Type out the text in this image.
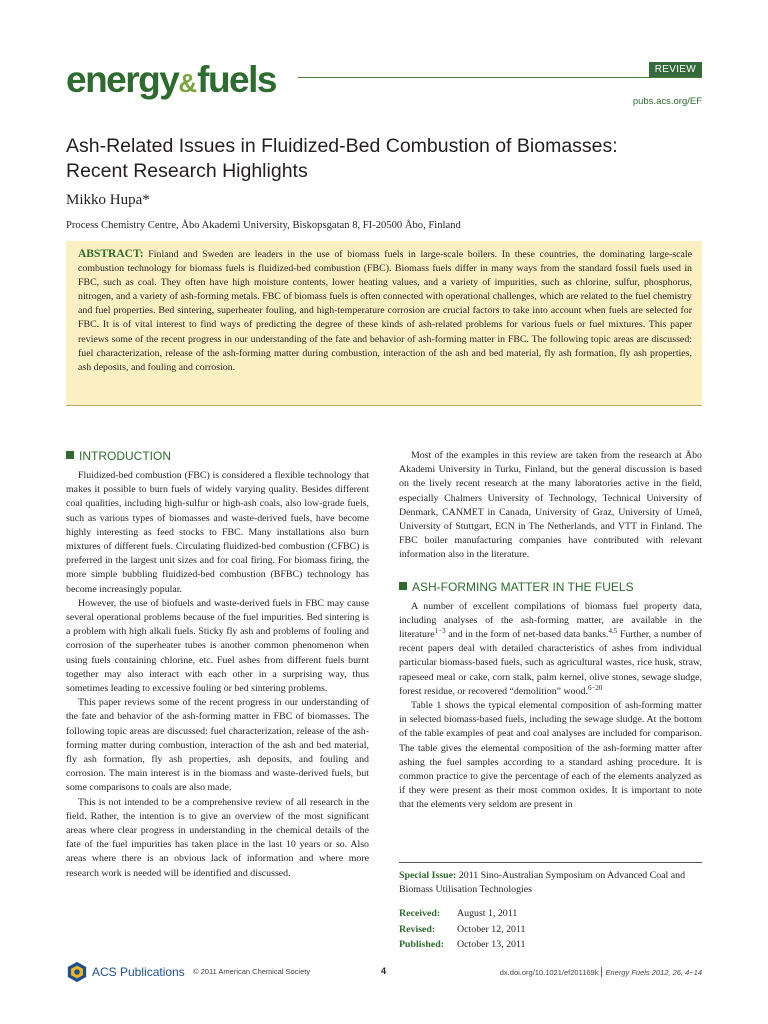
energy&fuels	REVIEW
pubs.acs.org/EF
Ash-Related Issues in Fluidized-Bed Combustion of Biomasses:
Recent Research Highlights
Mikko Hupa*
Process Chemistry Centre, Åbo Akademi University, Biskopsgatan 8, FI-20500 Åbo, Finland
ABSTRACT: Finland and Sweden are leaders in the use of biomass fuels in large-scale boilers. In these countries, the dominating large-scale combustion technology for biomass fuels is fluidized-bed combustion (FBC). Biomass fuels differ in many ways from the standard fossil fuels used in FBC, such as coal. They often have high moisture contents, lower heating values, and a variety of impurities, such as chlorine, sulfur, phosphorus, nitrogen, and a variety of ash-forming metals. FBC of biomass fuels is often connected with operational challenges, which are related to the fuel chemistry and fuel properties. Bed sintering, superheater fouling, and high-temperature corrosion are crucial factors to take into account when fuels are selected for FBC. It is of vital interest to find ways of predicting the degree of these kinds of ash-related problems for various fuels or fuel mixtures. This paper reviews some of the recent progress in our understanding of the fate and behavior of ash-forming matter in FBC. The following topic areas are discussed: fuel characterization, release of the ash-forming matter during combustion, interaction of the ash and bed material, fly ash formation, fly ash properties, ash deposits, and fouling and corrosion.
INTRODUCTION

Fluidized-bed combustion (FBC) is considered a flexible technology that makes it possible to burn fuels of widely varying quality. Besides different coal qualities, including high-sulfur or high-ash coals, also low-grade fuels, such as various types of biomasses and waste-derived fuels, have become highly interesting as feed stocks to FBC. Many installations also burn mixtures of different fuels. Circulating fluidized-bed combustion (CFBC) is preferred in the largest unit sizes and for coal firing. For biomass firing, the more simple bubbling fluidized-bed combustion (BFBC) technology has become increasingly popular.

However, the use of biofuels and waste-derived fuels in FBC may cause several operational problems because of the fuel impurities. Bed sintering is a problem with high alkali fuels. Sticky fly ash and problems of fouling and corrosion of the superheater tubes is another common phenomenon when using fuels containing chlorine, etc. Fuel ashes from different fuels burnt together may also interact with each other in a surprising way, thus sometimes leading to excessive fouling or bed sintering problems.

This paper reviews some of the recent progress in our understanding of the fate and behavior of the ash-forming matter in FBC of biomasses. The following topic areas are discussed: fuel characterization, release of the ash-forming matter during combustion, interaction of the ash and bed material, fly ash formation, fly ash properties, ash deposits, and fouling and corrosion. The main interest is in the biomass and waste-derived fuels, but some comparisons to coals are also made.

This is not intended to be a comprehensive review of all research in the field. Rather, the intention is to give an overview of the most significant areas where clear progress in understanding in the chemical details of the fate of the fuel impurities has taken place in the last 10 years or so. Also areas where there is an obvious lack of information and where more research work is needed will be identified and discussed.

Most of the examples in this review are taken from the research at Åbo Akademi University in Turku, Finland, but the general discussion is based on the lively recent research at the many laboratories active in the field, especially Chalmers University of Technology, Technical University of Denmark, CANMET in Canada, University of Graz, University of Umeå, University of Stuttgart, ECN in The Netherlands, and VTT in Finland. The FBC boiler manufacturing companies have contributed with relevant information also in the literature.

ASH-FORMING MATTER IN THE FUELS

A number of excellent compilations of biomass fuel property data, including analyses of the ash-forming matter, are available in the literature$^{1-3}$ and in the form of net-based data banks.$^{4,5}$ Further, a number of recent papers deal with detailed characteristics of ashes from individual particular biomass-based fuels, such as agricultural wastes, rice husk, straw, rapeseed meal or cake, corn stalk, palm kernel, olive stones, sewage sludge, forest residue, or recovered “demolition” wood.$^{6-20}$

Table 1 shows the typical elemental composition of ash-forming matter in selected biomass-based fuels, including the sewage sludge. At the bottom of the table examples of peat and coal analyses are included for comparison. The table gives the elemental composition of the ash-forming matter after ashing the fuel samples according to a standard ashing procedure. It is common practice to give the percentage of each of the elements analyzed as if they were present as their most common oxides. It is important to note that the elements very seldom are present in

Special Issue: 2011 Sino-Australian Symposium on Advanced Coal and Biomass Utilisation Technologies
Received:	August 1, 2011
Revised:	October 12, 2011
Published:	October 13, 2011
ACS Publications © 2011 American Chemical Society	4	dx.doi.org/10.1021/ef201169k Energy Fuels 2012, 26, 4−14
